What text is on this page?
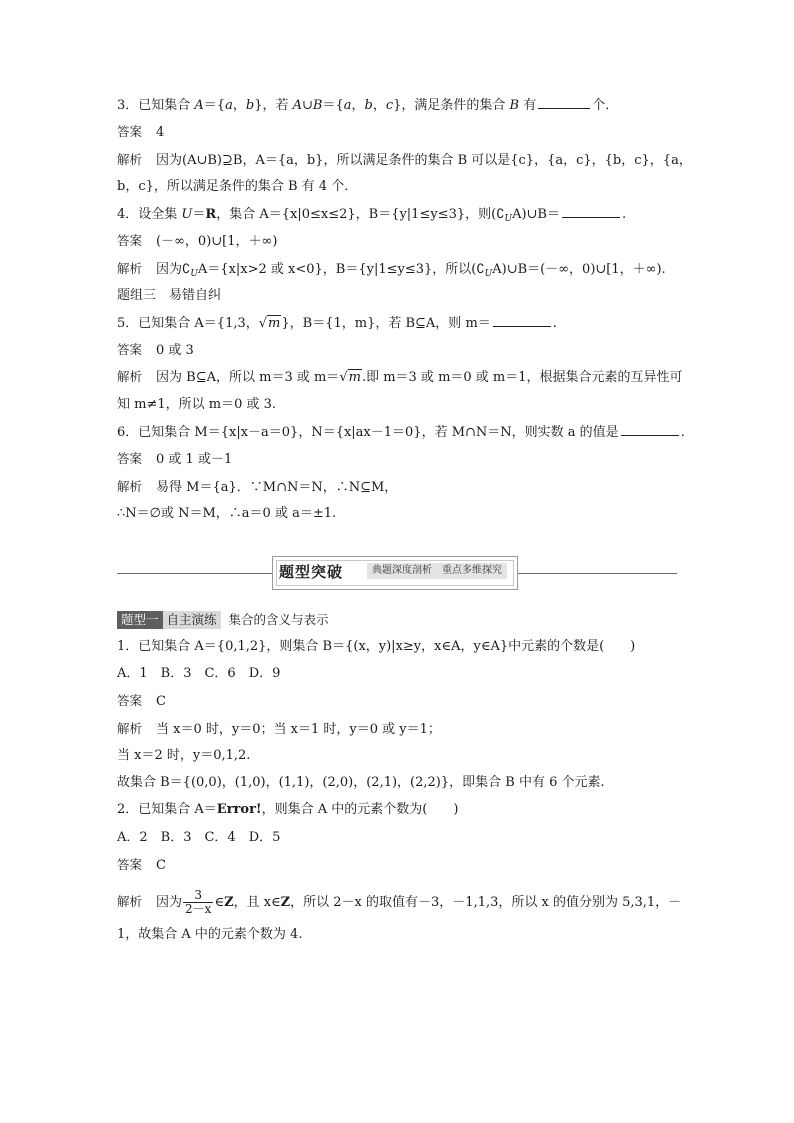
3．已知集合 A＝{a，b}，若 A∪B＝{a，b，c}，满足条件的集合 B 有	个．
答案 4
解析 因为(A∪B)⊇B，A＝{a，b}，所以满足条件的集合 B 可以是{c}，{a，c}，{b，c}，{a，
b，c}，所以满足条件的集合 B 有 4 个．
4．设全集 U＝R，集合 A＝{x|0≤x≤2}，B＝{y|1≤y≤3}，则$(∁_UA)\cup B=$	.
答案 (－∞，0)∪[1，＋∞)
解析 因为$∁_UA=\{x|x>2$ 或 x<0}，B＝{y|1≤y≤3}，所以$(∁_UA)\cup B=(-\infty$，0)∪[1，＋∞).
题组三　易错自纠
5．已知集合 A＝{1,3，√m}，B＝{1，m}，若 B⊆A，则 m＝	.
答案 0 或 3
解析 因为 B⊆A，所以 m＝3 或 m＝√m.即 m＝3 或 m＝0 或 m＝1，根据集合元素的互异性可
知 m≠1，所以 m＝0 或 3.
6．已知集合 M＝{x|x－a＝0}，N＝{x|ax－1＝0}，若 M∩N＝N，则实数 a 的值是	.
答案 0 或 1 或－1
解析 易得 M＝{a}．∵M∩N＝N，∴N⊆M，
∴N＝∅或 N＝M，∴a＝0 或 a＝±1.
题型突破	典题深度剖析　重点多维探究
题型一 自主演练 集合的含义与表示
1．已知集合 A＝{0,1,2}，则集合 B＝{(x，y)|x≥y，x∈A，y∈A}中元素的个数是(　　)
A．1　B．3　C．6　D．9
答案 C
解析 当 x＝0 时，y＝0；当 x＝1 时，y＝0 或 y＝1；
当 x＝2 时，y＝0,1,2.
故集合 B＝{(0,0)，(1,0)，(1,1)，(2,0)，(2,1)，(2,2)}，即集合 B 中有 6 个元素.
2．已知集合 A＝Error!，则集合 A 中的元素个数为(　　)
A．2　B．3　C．4　D．5
答案 C
解析 因为 $\frac{3}{2-x}$ ∈Z，且 x∈Z，所以 2－x 的取值有－3，－1,1,3，所以 x 的值分别为 5,3,1，－
1，故集合 A 中的元素个数为 4.
